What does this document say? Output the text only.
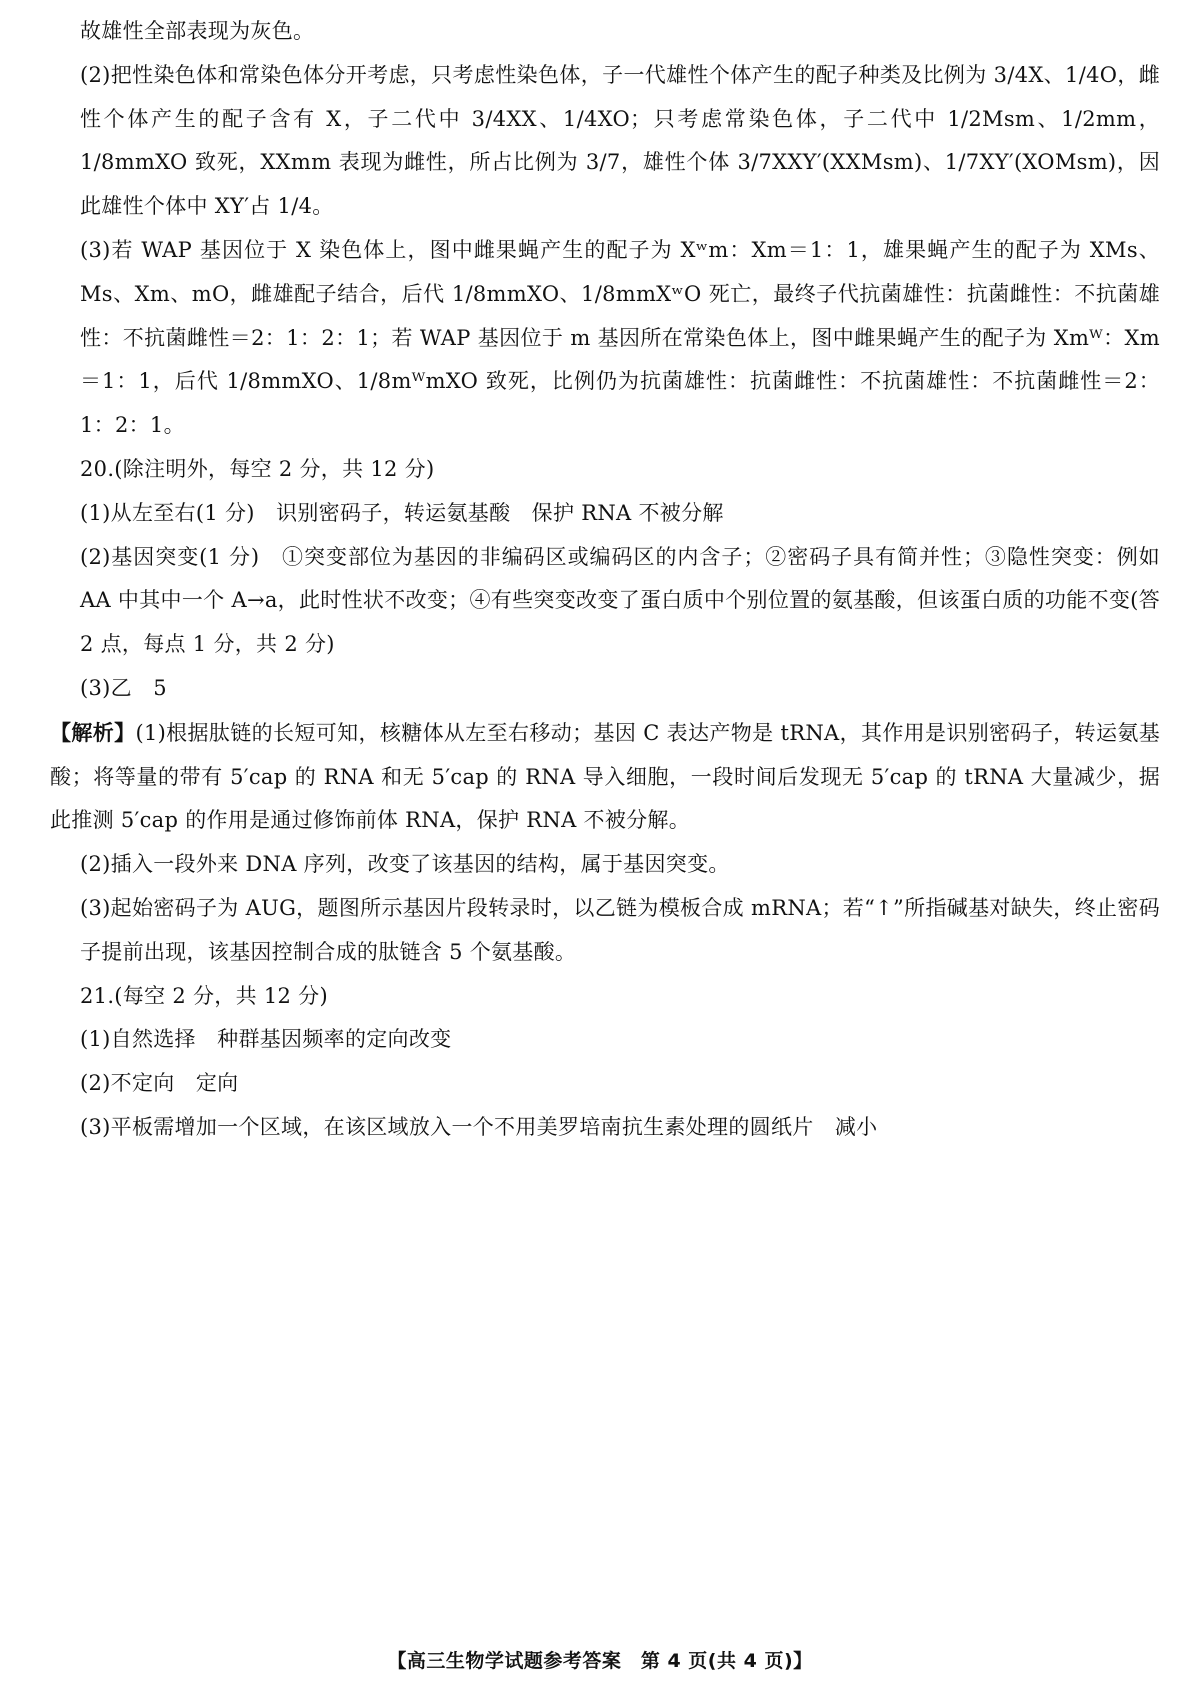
故雄性全部表现为灰色。

(2)把性染色体和常染色体分开考虑，只考虑性染色体，子一代雄性个体产生的配子种类及比例为 3/4X、1/4O，雌性个体产生的配子含有 X，子二代中 3/4XX、1/4XO；只考虑常染色体，子二代中 1/2Msm、1/2mm，1/8mmXO 致死，XXmm 表现为雌性，所占比例为 3/7，雄性个体 3/7XXY′(XXMsm)、1/7XY′(XOMsm)，因此雄性个体中 XY′占 1/4。

(3)若 WAP 基因位于 X 染色体上，图中雌果蝇产生的配子为 Xʷm：Xm＝1：1，雄果蝇产生的配子为 XMs、Ms、Xm、mO，雌雄配子结合，后代 1/8mmXO、1/8mmXʷO 死亡，最终子代抗菌雄性：抗菌雌性：不抗菌雄性：不抗菌雌性＝2：1：2：1；若 WAP 基因位于 m 基因所在常染色体上，图中雌果蝇产生的配子为 Xmᵂ：Xm＝1：1，后代 1/8mmXO、1/8mᵂmXO 致死，比例仍为抗菌雄性：抗菌雌性：不抗菌雄性：不抗菌雌性＝2：1：2：1。

20.(除注明外，每空 2 分，共 12 分)

(1)从左至右(1 分)　识别密码子，转运氨基酸　保护 RNA 不被分解

(2)基因突变(1 分)　①突变部位为基因的非编码区或编码区的内含子；②密码子具有简并性；③隐性突变：例如 AA 中其中一个 A→a，此时性状不改变；④有些突变改变了蛋白质中个别位置的氨基酸，但该蛋白质的功能不变(答 2 点，每点 1 分，共 2 分)

(3)乙　5

【解析】(1)根据肽链的长短可知，核糖体从左至右移动；基因 C 表达产物是 tRNA，其作用是识别密码子，转运氨基酸；将等量的带有 5′cap 的 RNA 和无 5′cap 的 RNA 导入细胞，一段时间后发现无 5′cap 的 tRNA 大量减少，据此推测 5′cap 的作用是通过修饰前体 RNA，保护 RNA 不被分解。

(2)插入一段外来 DNA 序列，改变了该基因的结构，属于基因突变。

(3)起始密码子为 AUG，题图所示基因片段转录时，以乙链为模板合成 mRNA；若“↑”所指碱基对缺失，终止密码子提前出现，该基因控制合成的肽链含 5 个氨基酸。

21.(每空 2 分，共 12 分)

(1)自然选择　种群基因频率的定向改变

(2)不定向　定向

(3)平板需增加一个区域，在该区域放入一个不用美罗培南抗生素处理的圆纸片　减小

【高三生物学试题参考答案　第 4 页(共 4 页)】
